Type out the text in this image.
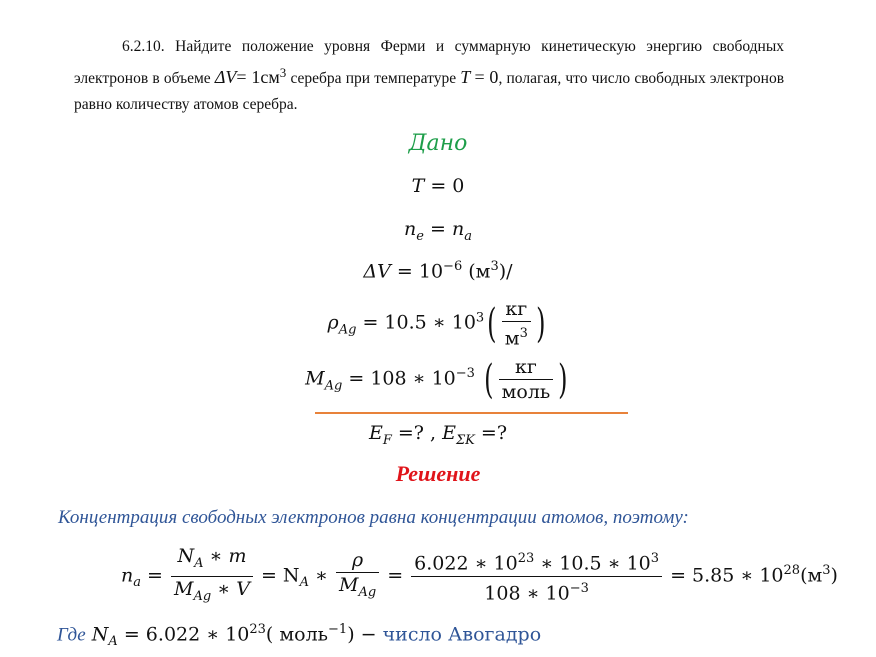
6.2.10. Найдите положение уровня Ферми и суммарную кинетическую энергию свободных электронов в объеме $\Delta V= 1см^3$ серебра при температуре T = 0, полагая, что число свободных электронов равно количеству атомов серебра.

Дано
T = 0
$n_e = n_a$
$\Delta V = 10^{-6}$ $(м^3)/$
$\rho_{Ag} = 10.5$ ∗ $10^3( \frac{кг}{м^3}$ )
$M_{Ag} = 108$ ∗ $10^{-3}$ ( $\frac{кг}{\text{моль}}$ )
$E_F$ =? , $E_{\Sigma K}$ =?
Решение
Концентрация свободных электронов равна концентрации атомов, поэтому:
$n_a = \frac{N_A ∗ m}{M_{Ag} ∗ V} = N_A$ ∗ $\frac{\rho}{M_{Ag}} = \frac{6.022 ∗ 10^{23} ∗ 10.5 ∗ 10^3}{108 ∗ 10^{-3}} = 5.85$ ∗ $10^{28}(м^3)$
Где $N_A = 6.022$ ∗ $10^{23}$( моль$^{-1}$) − число Авогадро
